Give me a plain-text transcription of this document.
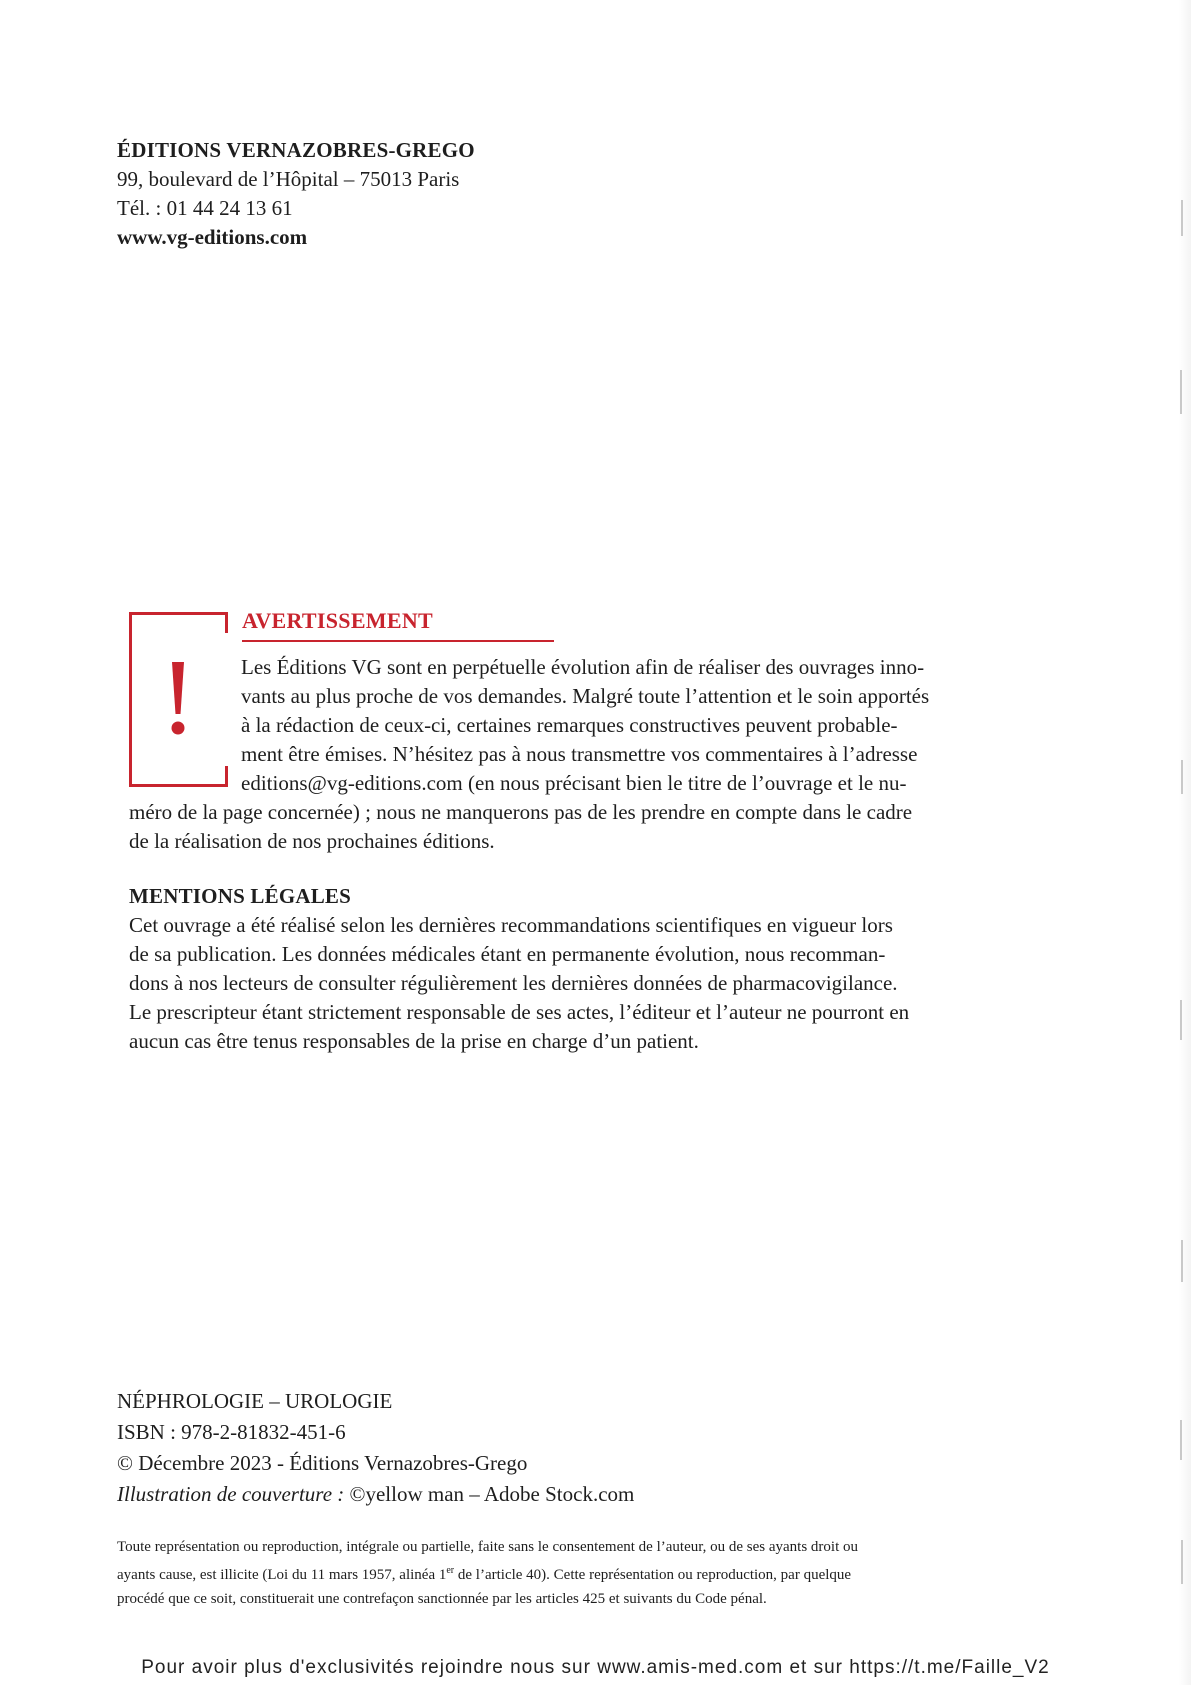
ÉDITIONS VERNAZOBRES-GREGO
99, boulevard de l’Hôpital – 75013 Paris
Tél. : 01 44 24 13 61
www.vg-editions.com
AVERTISSEMENT
Les Éditions VG sont en perpétuelle évolution afin de réaliser des ouvrages inno-
vants au plus proche de vos demandes. Malgré toute l’attention et le soin apportés
à la rédaction de ceux-ci, certaines remarques constructives peuvent probable-
ment être émises. N’hésitez pas à nous transmettre vos commentaires à l’adresse
editions@vg-editions.com (en nous précisant bien le titre de l’ouvrage et le nu-
méro de la page concernée) ; nous ne manquerons pas de les prendre en compte dans le cadre
de la réalisation de nos prochaines éditions.
MENTIONS LÉGALES
Cet ouvrage a été réalisé selon les dernières recommandations scientifiques en vigueur lors
de sa publication. Les données médicales étant en permanente évolution, nous recomman-
dons à nos lecteurs de consulter régulièrement les dernières données de pharmacovigilance.
Le prescripteur étant strictement responsable de ses actes, l’éditeur et l’auteur ne pourront en
aucun cas être tenus responsables de la prise en charge d’un patient.
NÉPHROLOGIE – UROLOGIE
ISBN : 978-2-81832-451-6
© Décembre 2023 - Éditions Vernazobres-Grego
Illustration de couverture : ©yellow man – Adobe Stock.com
Toute représentation ou reproduction, intégrale ou partielle, faite sans le consentement de l’auteur, ou de ses ayants droit ou
ayants cause, est illicite (Loi du 11 mars 1957, alinéa 1er de l’article 40). Cette représentation ou reproduction, par quelque
procédé que ce soit, constituerait une contrefaçon sanctionnée par les articles 425 et suivants du Code pénal.
Pour avoir plus d'exclusivités rejoindre nous sur www.amis-med.com et sur https://t.me/Faille_V2
